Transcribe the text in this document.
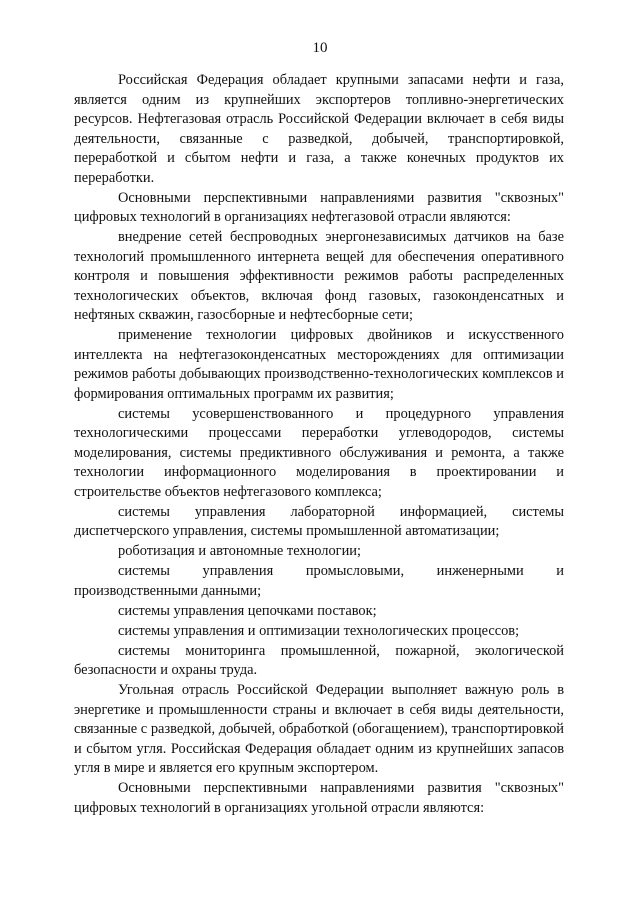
10

Российская Федерация обладает крупными запасами нефти и газа, является одним из крупнейших экспортеров топливно-энергетических ресурсов. Нефтегазовая отрасль Российской Федерации включает в себя виды деятельности, связанные с разведкой, добычей, транспортировкой, переработкой и сбытом нефти и газа, а также конечных продуктов их переработки.

Основными перспективными направлениями развития "сквозных" цифровых технологий в организациях нефтегазовой отрасли являются:

внедрение сетей беспроводных энергонезависимых датчиков на базе технологий промышленного интернета вещей для обеспечения оперативного контроля и повышения эффективности режимов работы распределенных технологических объектов, включая фонд газовых, газоконденсатных и нефтяных скважин, газосборные и нефтесборные сети;

применение технологии цифровых двойников и искусственного интеллекта на нефтегазоконденсатных месторождениях для оптимизации режимов работы добывающих производственно-технологических комплексов и формирования оптимальных программ их развития;

системы усовершенствованного и процедурного управления технологическими процессами переработки углеводородов, системы моделирования, системы предиктивного обслуживания и ремонта, а также технологии информационного моделирования в проектировании и строительстве объектов нефтегазового комплекса;

системы управления лабораторной информацией, системы диспетчерского управления, системы промышленной автоматизации;

роботизация и автономные технологии;

системы управления промысловыми, инженерными и производственными данными;

системы управления цепочками поставок;

системы управления и оптимизации технологических процессов;

системы мониторинга промышленной, пожарной, экологической безопасности и охраны труда.

Угольная отрасль Российской Федерации выполняет важную роль в энергетике и промышленности страны и включает в себя виды деятельности, связанные с разведкой, добычей, обработкой (обогащением), транспортировкой и сбытом угля. Российская Федерация обладает одним из крупнейших запасов угля в мире и является его крупным экспортером.

Основными перспективными направлениями развития "сквозных" цифровых технологий в организациях угольной отрасли являются:
